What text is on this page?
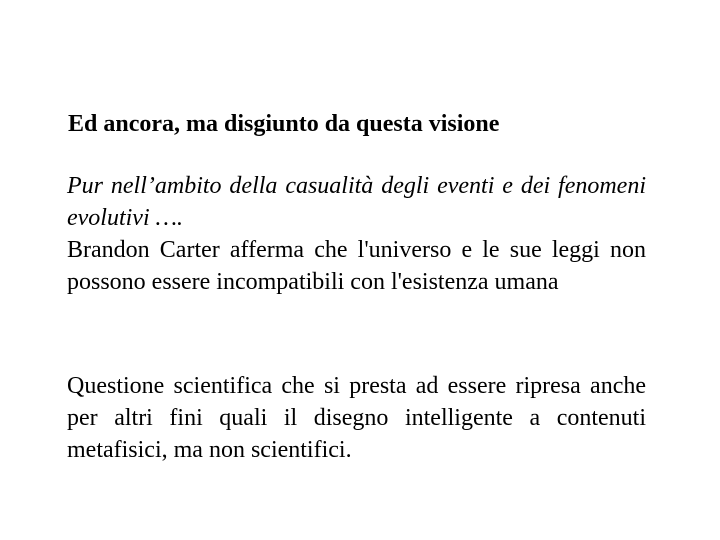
Ed ancora, ma disgiunto da questa visione
Pur nell’ambito della casualità degli eventi e dei fenomeni evolutivi ….
Brandon Carter afferma che l'universo e le sue leggi non possono essere incompatibili con l'esistenza umana
Questione scientifica che si presta ad essere ripresa anche per altri fini quali il disegno intelligente a contenuti metafisici, ma non scientifici.
